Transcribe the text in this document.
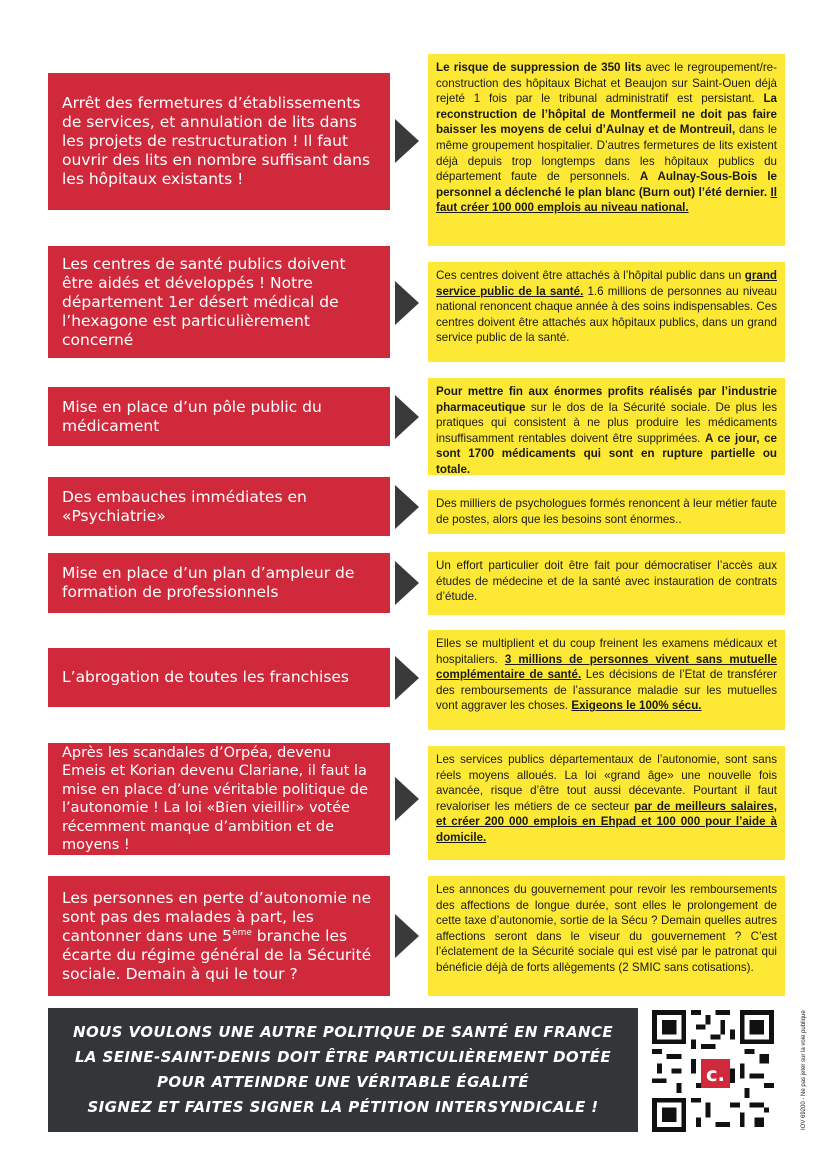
Arrêt des fermetures d’établissements de services, et annulation de lits dans les projets de restructuration ! Il faut ouvrir des lits en nombre suffisant dans les hôpitaux existants !
Le risque de suppression de 350 lits avec le regroupement/re-construction des hôpitaux Bichat et Beaujon sur Saint-Ouen déjà rejeté 1 fois par le tribunal administratif est persistant. La reconstruction de l’hôpital de Montfermeil ne doit pas faire baisser les moyens de celui d’Aulnay et de Montreuil, dans le même groupement hospitalier. D’autres fermetures de lits existent déjà depuis trop longtemps dans les hôpitaux publics du département faute de personnels. A Aulnay-Sous-Bois le personnel a déclenché le plan blanc (Burn out) l’été dernier. Il faut créer 100 000 emplois au niveau national.
Les centres de santé publics doivent être aidés et développés ! Notre département 1er désert médical de l’hexagone est particulièrement concerné
Ces centres doivent être attachés à l’hôpital public dans un grand service public de la santé. 1.6 millions de personnes au niveau national renoncent chaque année à des soins indispensables. Ces centres doivent être attachés aux hôpitaux publics, dans un grand service public de la santé.
Mise en place d’un pôle public du médicament
Pour mettre fin aux énormes profits réalisés par l’industrie pharmaceutique sur le dos de la Sécurité sociale. De plus les pratiques qui consistent à ne plus produire les médicaments insuffisamment rentables doivent être supprimées. A ce jour, ce sont 1700 médicaments qui sont en rupture partielle ou totale.
Des embauches immédiates en «Psychiatrie»
Des milliers de psychologues formés renoncent à leur métier faute de postes, alors que les besoins sont énormes..
Mise en place d’un plan d’ampleur de formation de professionnels
Un effort particulier doit être fait pour démocratiser l’accès aux études de médecine et de la santé avec instauration de contrats d’étude.
L’abrogation de toutes les franchises
Elles se multiplient et du coup freinent les examens médicaux et hospitaliers. 3 millions de personnes vivent sans mutuelle complémentaire de santé. Les décisions de l’Etat de transférer des remboursements de l’assurance maladie sur les mutuelles vont aggraver les choses. Exigeons le 100% sécu.
Après les scandales d’Orpéa, devenu Emeis et Korian devenu Clariane, il faut la mise en place d’une véritable politique de l’autonomie ! La loi «Bien vieillir» votée récemment manque d’ambition et de moyens !
Les services publics départementaux de l’autonomie, sont sans réels moyens alloués. La loi «grand âge» une nouvelle fois avancée, risque d’être tout aussi décevante. Pourtant il faut revaloriser les métiers de ce secteur par de meilleurs salaires, et créer 200 000 emplois en Ehpad et 100 000 pour l’aide à domicile.
Les personnes en perte d’autonomie ne sont pas des malades à part, les cantonner dans une 5ème branche les écarte du régime général de la Sécurité sociale. Demain à qui le tour ?
Les annonces du gouvernement pour revoir les remboursements des affections de longue durée, sont elles le prolongement de cette taxe d’autonomie, sortie de la Sécu ? Demain quelles autres affections seront dans le viseur du gouvernement ? C’est l’éclatement de la Sécurité sociale qui est visé par le patronat qui bénéficie déjà de forts allègements (2 SMIC sans cotisations).
NOUS VOULONS UNE AUTRE POLITIQUE DE SANTÉ EN FRANCE
LA SEINE-SAINT-DENIS DOIT ÊTRE PARTICULIÈREMENT DOTÉE
POUR ATTEINDRE UNE VÉRITABLE ÉGALITÉ
SIGNEZ ET FAITES SIGNER LA PÉTITION INTERSYNDICALE !
c.	IOV 69200 - Ne pas jeter sur la voie publique
